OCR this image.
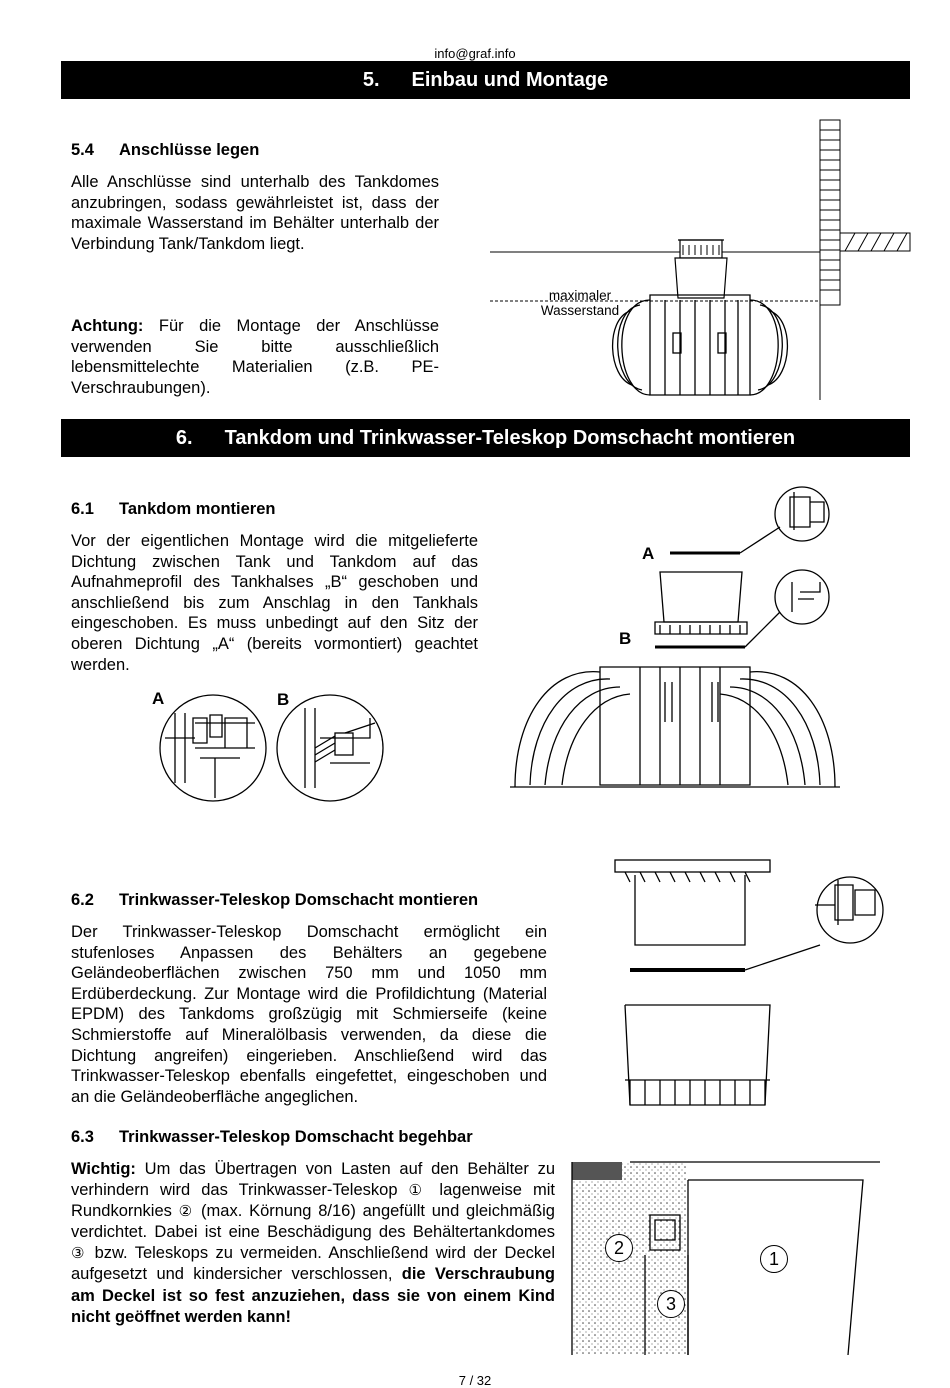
info@graf.info
5. Einbau und Montage
5.4 Anschlüsse legen
Alle Anschlüsse sind unterhalb des Tankdomes anzubringen, sodass gewährleistet ist, dass der maximale Wasserstand im Behälter unterhalb der Verbindung Tank/Tankdom liegt.
Achtung: Für die Montage der Anschlüsse verwenden Sie bitte ausschließlich lebensmittelechte Materialien (z.B. PE-Verschraubungen).
maximaler
Wasserstand
6. Tankdom und Trinkwasser-Teleskop Domschacht montieren
6.1 Tankdom montieren
Vor der eigentlichen Montage wird die mitgelieferte Dichtung zwischen Tank und Tankdom auf das Aufnahmeprofil des Tankhalses „B“ geschoben und anschließend bis zum Anschlag in den Tankhals eingeschoben. Es muss unbedingt auf den Sitz der oberen Dichtung „A“ (bereits vormontiert) geachtet werden.
A	B
A
B
6.2 Trinkwasser-Teleskop Domschacht montieren
Der Trinkwasser-Teleskop Domschacht ermöglicht ein stufenloses Anpassen des Behälters an gegebene Geländeoberflächen zwischen 750 mm und 1050 mm Erdüberdeckung. Zur Montage wird die Profildichtung (Material EPDM) des Tankdoms großzügig mit Schmierseife (keine Schmierstoffe auf Mineralölbasis verwenden, da diese die Dichtung angreifen) eingerieben. Anschließend wird das Trinkwasser-Teleskop ebenfalls eingefettet, eingeschoben und an die Geländeoberfläche angeglichen.
6.3 Trinkwasser-Teleskop Domschacht begehbar
Wichtig: Um das Übertragen von Lasten auf den Behälter zu verhindern wird das Trinkwasser-Teleskop ① lagenweise mit Rundkornkies ② (max. Körnung 8/16) angefüllt und gleichmäßig verdichtet. Dabei ist eine Beschädigung des Behältertankdomes ③ bzw. Teleskops zu vermeiden. Anschließend wird der Deckel aufgesetzt und kindersicher verschlossen, die Verschraubung am Deckel ist so fest anzuziehen, dass sie von einem Kind nicht geöffnet werden kann!
1
2
3
7 / 32
